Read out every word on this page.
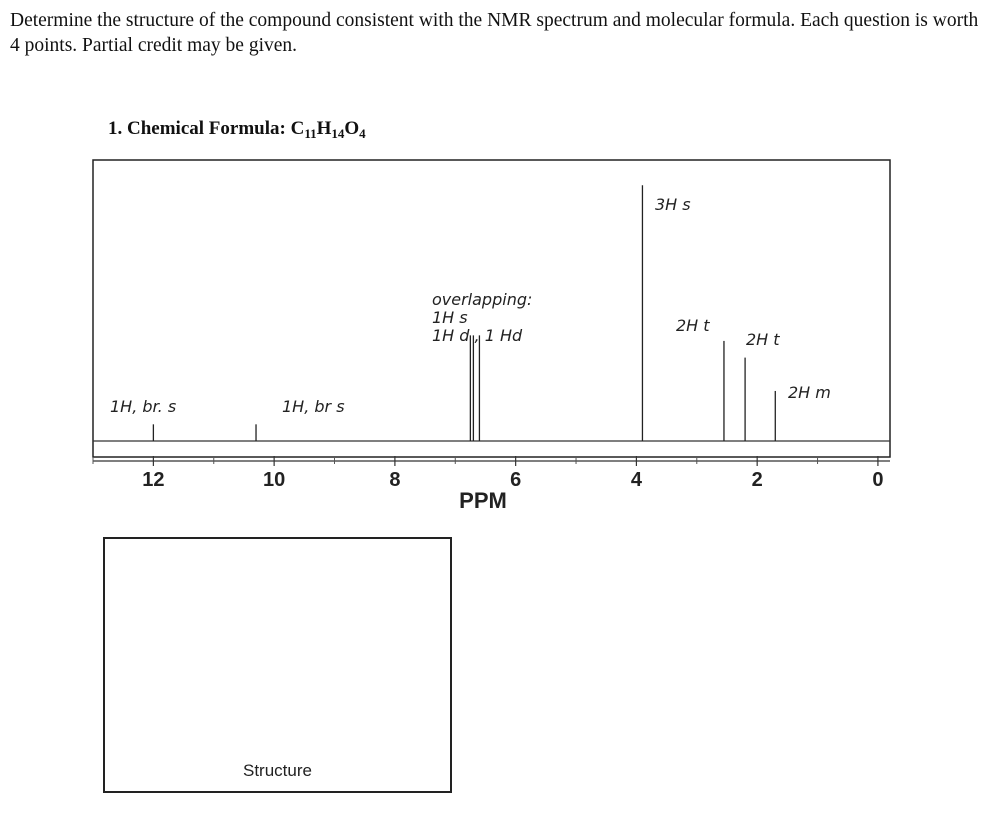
Determine the structure of the compound consistent with the NMR spectrum and molecular formula. Each question is worth 4 points. Partial credit may be given.
1. Chemical Formula: $C_{11}H_{14}O_4$
12	10	8	6	4	2	0
1H, br. s	1H, br s
overlapping:
1H s
1H d , 1 Hd
3H s
2H t
2H t
2H m
PPM
Structure
